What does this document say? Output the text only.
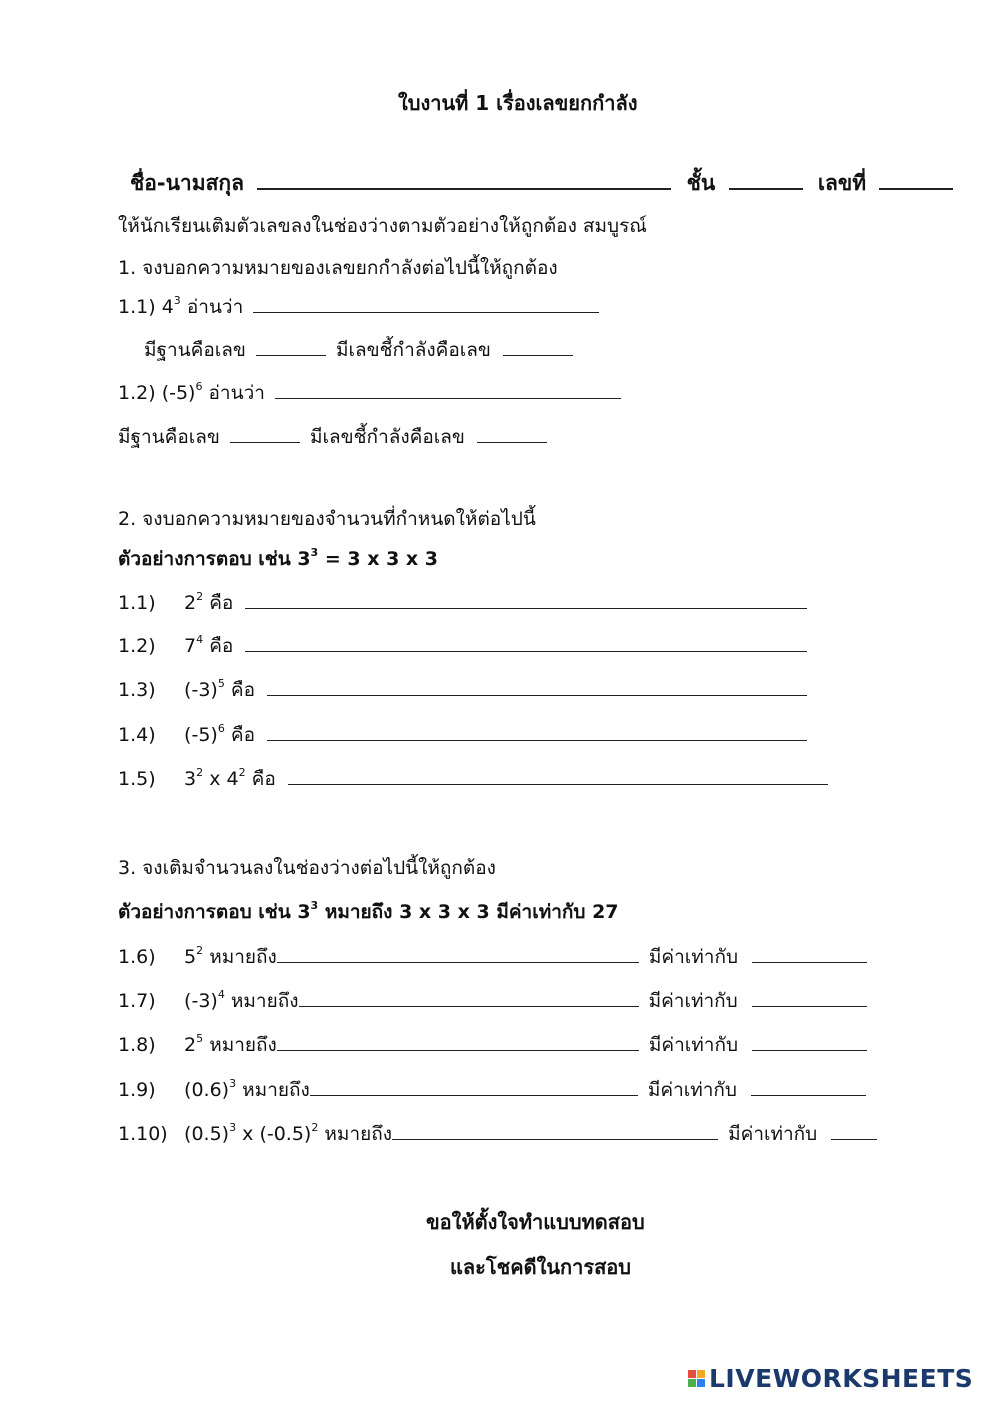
ใบงานที่ 1 เรื่องเลขยกกำลัง
ชื่อ-นามสกุล	ชั้น	เลขที่
ให้นักเรียนเติมตัวเลขลงในช่องว่างตามตัวอย่างให้ถูกต้อง สมบูรณ์
1. จงบอกความหมายของเลขยกกำลังต่อไปนี้ให้ถูกต้อง
1.1) $4^3$ อ่านว่า
มีฐานคือเลข	มีเลขชี้กำลังคือเลข
1.2) $(-5)^6$ อ่านว่า
มีฐานคือเลข	มีเลขชี้กำลังคือเลข
2. จงบอกความหมายของจำนวนที่กำหนดให้ต่อไปนี้
ตัวอย่างการตอบ เช่น $3^3 = 3$ x 3 x 3
1.1) $2^2$ คือ
1.2) $7^4$ คือ
1.3) $(-3)^5$ คือ
1.4) $(-5)^6$ คือ
1.5) $3^2$ x $4^2$ คือ
3. จงเติมจำนวนลงในช่องว่างต่อไปนี้ให้ถูกต้อง
ตัวอย่างการตอบ เช่น $3^3$ หมายถึง 3 x 3 x 3 มีค่าเท่ากับ 27
1.6) $5^2$ หมายถึง	มีค่าเท่ากับ
1.7) $(-3)^4$ หมายถึง	มีค่าเท่ากับ
1.8) $2^5$ หมายถึง	มีค่าเท่ากับ
1.9) $(0.6)^3$ หมายถึง	มีค่าเท่ากับ
1.10) $(0.5)^3$ x $(-0.5)^2$ หมายถึง	มีค่าเท่ากับ
ขอให้ตั้งใจทำแบบทดสอบ
และโชคดีในการสอบ
LIVEWORKSHEETS
